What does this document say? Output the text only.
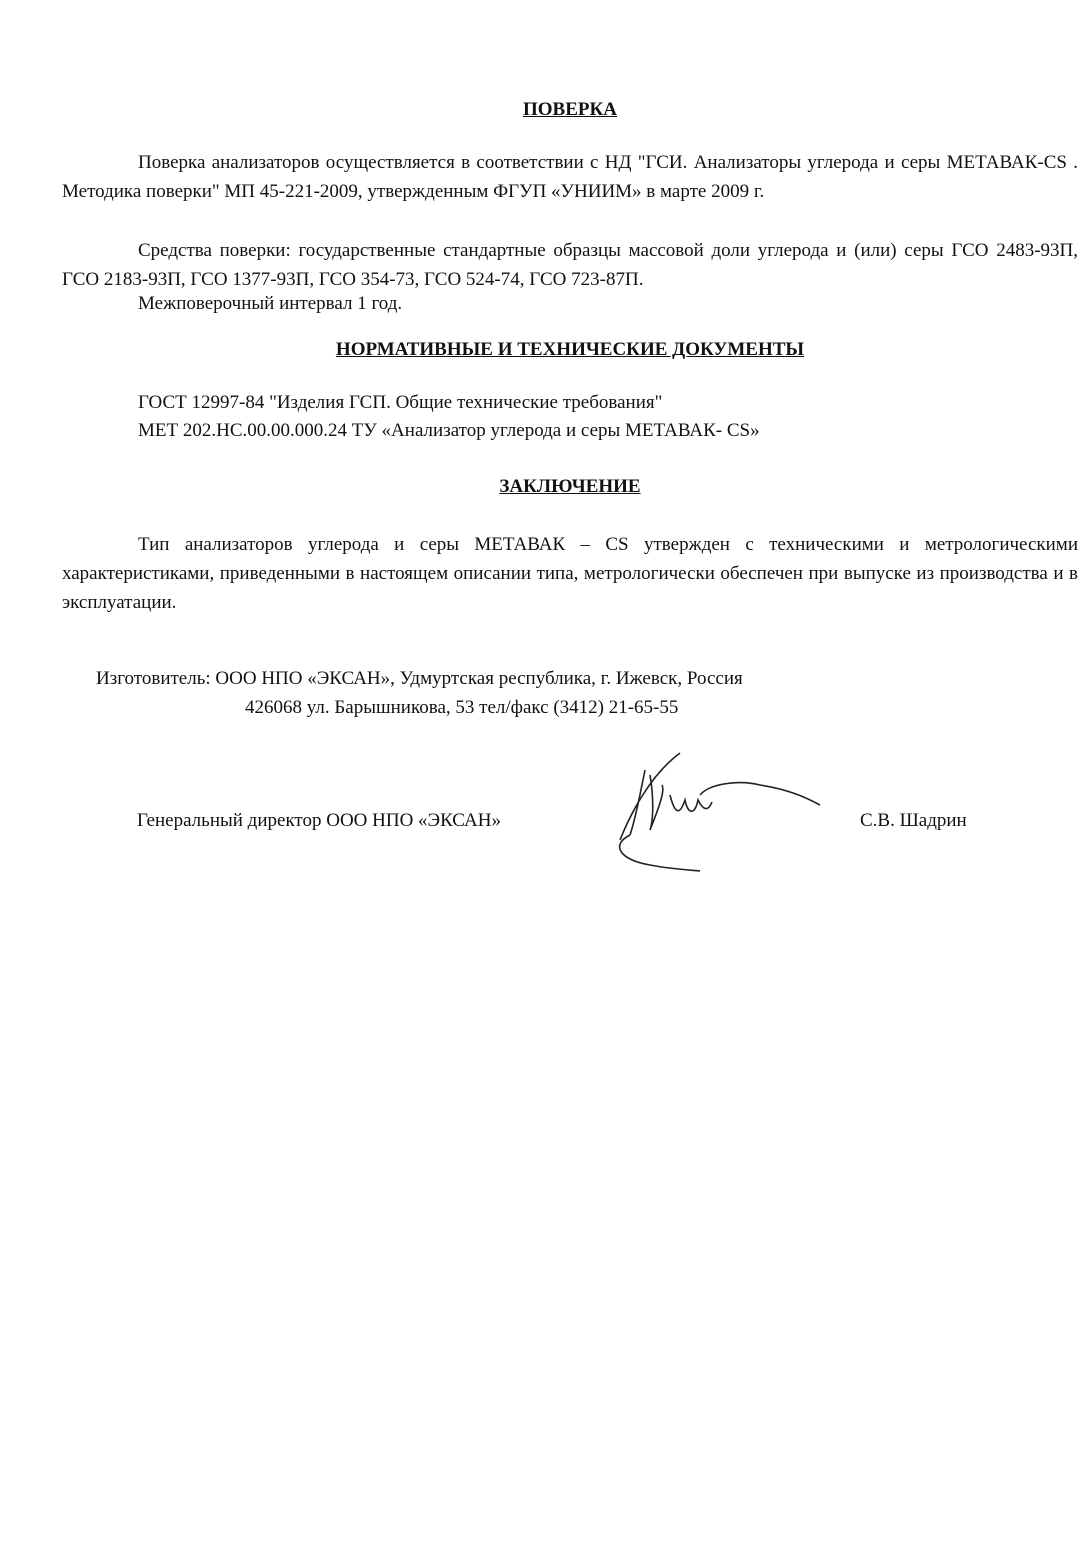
ПОВЕРКА

Поверка анализаторов осуществляется в соответствии с НД "ГСИ. Анализаторы углерода и серы МЕТАВАК-CS . Методика поверки" МП 45-221-2009, утвержденным ФГУП «УНИИМ» в марте 2009 г.

Средства поверки: государственные стандартные образцы массовой доли углерода и (или) серы ГСО 2483-93П, ГСО 2183-93П, ГСО 1377-93П, ГСО 354-73, ГСО 524-74, ГСО 723-87П.

Межповерочный интервал 1 год.

НОРМАТИВНЫЕ И ТЕХНИЧЕСКИЕ ДОКУМЕНТЫ
ГОСТ 12997-84 "Изделия ГСП. Общие технические требования"
МЕТ 202.НС.00.00.000.24 ТУ «Анализатор углерода и серы МЕТАВАК- CS»
ЗАКЛЮЧЕНИЕ

Тип анализаторов углерода и серы МЕТАВАК – CS утвержден с техническими и метрологическими характеристиками, приведенными в настоящем описании типа, метрологически обеспечен при выпуске из производства и в эксплуатации.

Изготовитель: ООО НПО «ЭКСАН», Удмуртская республика, г. Ижевск, Россия
426068 ул. Барышникова, 53 тел/факс (3412) 21-65-55
Генеральный директор ООО НПО «ЭКСАН»	С.В. Шадрин
